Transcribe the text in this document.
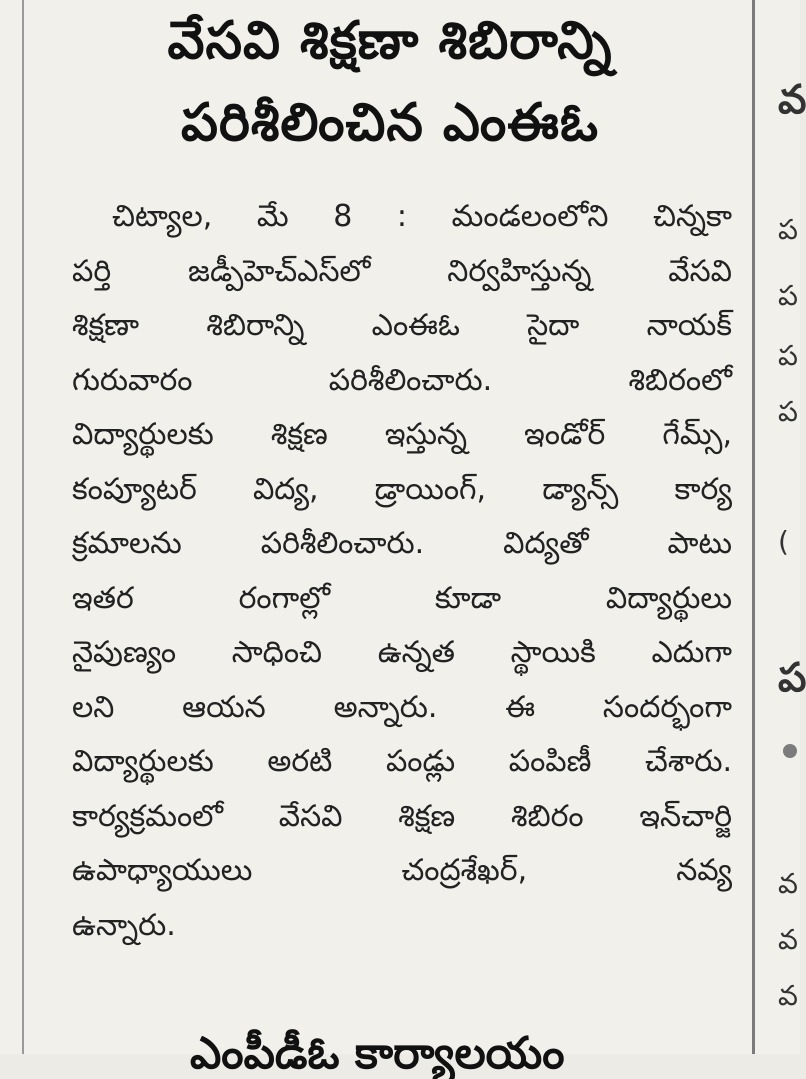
వేసవి శిక్షణా శిబిరాన్ని
పరిశీలించిన ఎంఈఓ
చిట్యాల, మే 8 : మండలంలోని చిన్నకా
పర్తి జడ్పీహెచ్ఎస్‌లో నిర్వహిస్తున్న వేసవి
శిక్షణా శిబిరాన్ని ఎంఈఓ సైదా నాయక్
గురువారం పరిశీలించారు. శిబిరంలో
విద్యార్థులకు శిక్షణ ఇస్తున్న ఇండోర్ గేమ్స్,
కంప్యూటర్ విద్య, డ్రాయింగ్, డ్యాన్స్ కార్య
క్రమాలను పరిశీలించారు. విద్యతో పాటు
ఇతర రంగాల్లో కూడా విద్యార్థులు
నైపుణ్యం సాధించి ఉన్నత స్థాయికి ఎదుగా
లని ఆయన అన్నారు. ఈ సందర్భంగా
విద్యార్థులకు అరటి పండ్లు పంపిణీ చేశారు.
కార్యక్రమంలో వేసవి శిక్షణ శిబిరం ఇన్‌చార్జి
ఉపాధ్యాయులు చంద్రశేఖర్, నవ్య
ఉన్నారు.
ఎంపీడీఓ కార్యాలయం
వ
ప
ప
ప
ప
(
ప
వ
వ
వ
